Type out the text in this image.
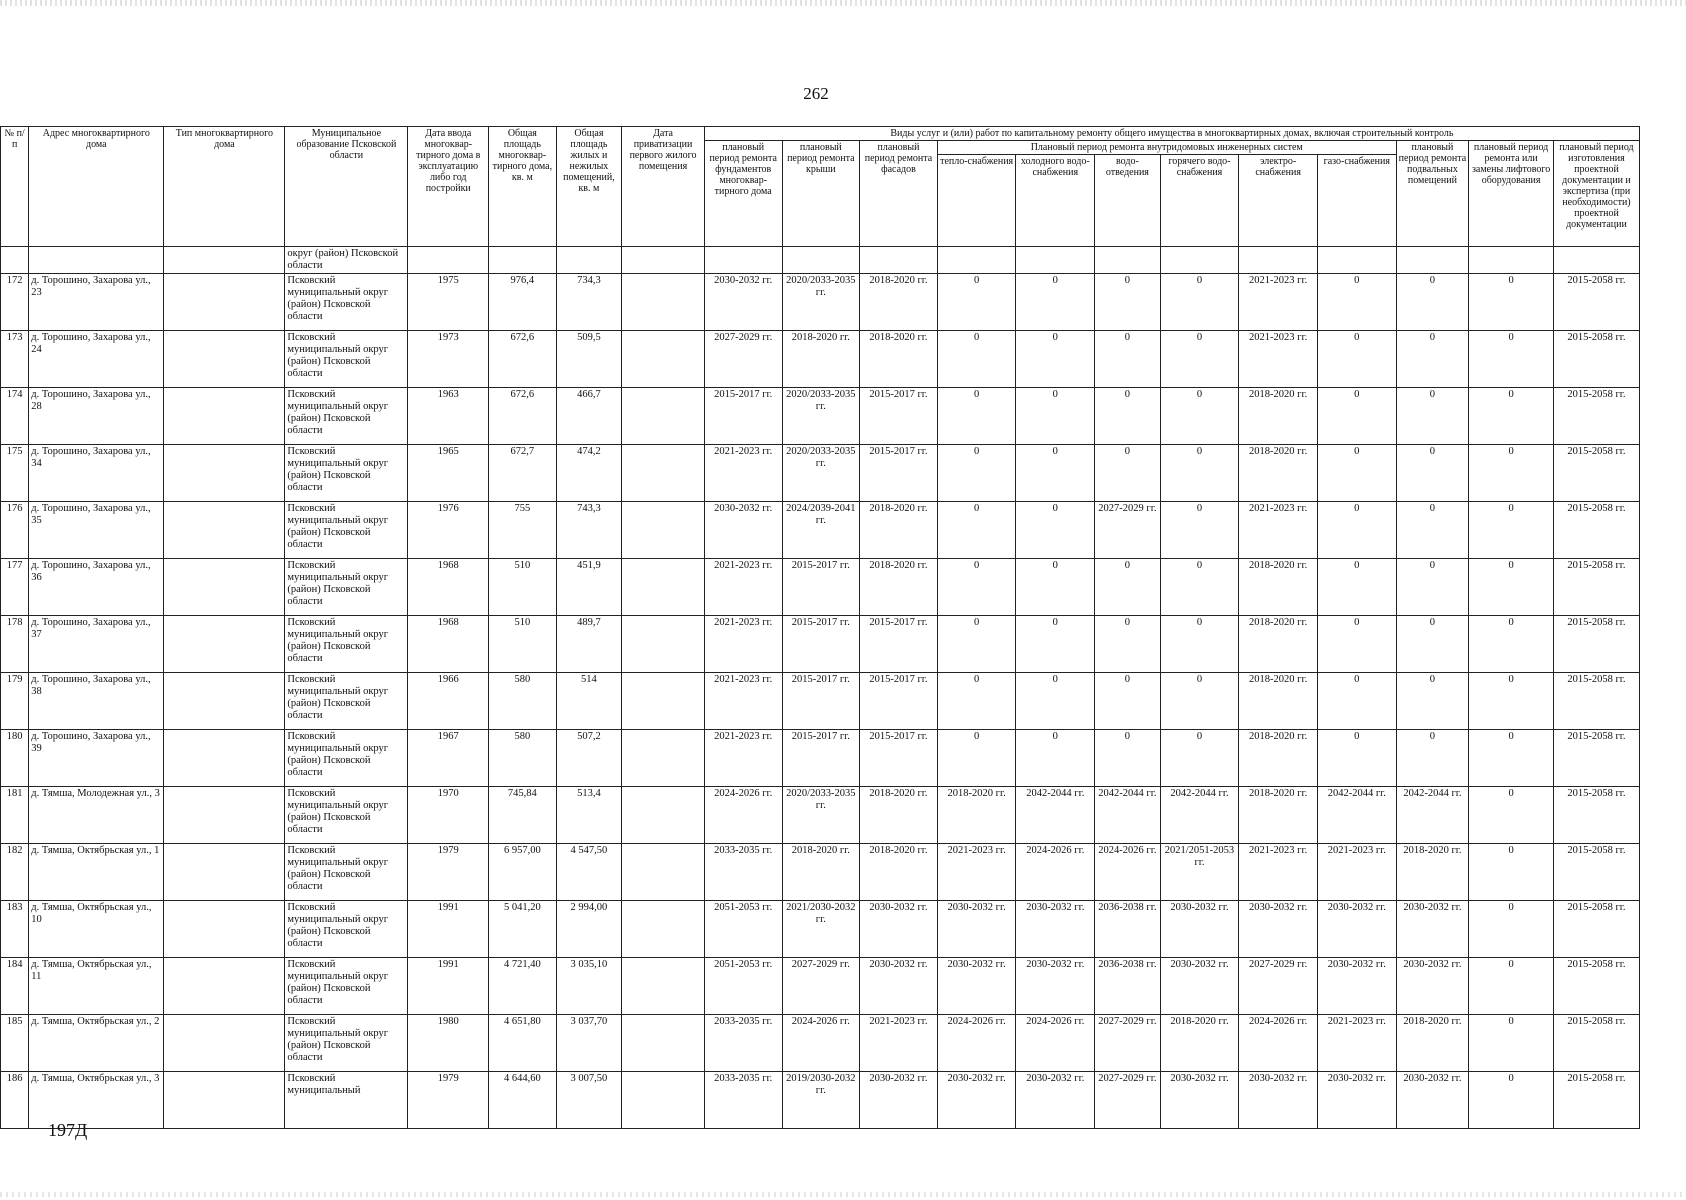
262
№ п/п	Адрес многоквартирного дома	Тип многоквартирного дома	Муниципальное образование Псковской области	Дата ввода многоквар-тирного дома в эксплуатацию либо год постройки	Общая площадь многоквар-тирного дома, кв. м	Общая площадь жилых и нежилых помещений, кв. м	Дата приватизации первого жилого помещения	Виды услуг и (или) работ по капитальному ремонту общего имущества в многоквартирных домах, включая строительный контроль											
								плановый период ремонта фундаментов многоквар-тирного дома	плановый период ремонта крыши	плановый период ремонта фасадов	Плановый период ремонта внутридомовых инженерных систем						плановый период ремонта подвальных помещений	плановый период ремонта или замены лифтового оборудования	плановый период изготовления проектной документации и экспертиза (при необходимости) проектной документации
											тепло-снабжения	холодного водо-снабжения	водо-отведения	горячего водо-снабжения	электро-снабжения	газо-снабжения			
			округ (район) Псковской области																
172	д. Торошино, Захарова ул., 23		Псковский муниципальный округ (район) Псковской области	1975	976,4	734,3		2030-2032 гг.	2020/2033-2035 гг.	2018-2020 гг.	0	0	0	0	2021-2023 гг.	0	0	0	2015-2058 гг.
173	д. Торошино, Захарова ул., 24		Псковский муниципальный округ (район) Псковской области	1973	672,6	509,5		2027-2029 гг.	2018-2020 гг.	2018-2020 гг.	0	0	0	0	2021-2023 гг.	0	0	0	2015-2058 гг.
174	д. Торошино, Захарова ул., 28		Псковский муниципальный округ (район) Псковской области	1963	672,6	466,7		2015-2017 гг.	2020/2033-2035 гг.	2015-2017 гг.	0	0	0	0	2018-2020 гг.	0	0	0	2015-2058 гг.
175	д. Торошино, Захарова ул., 34		Псковский муниципальный округ (район) Псковской области	1965	672,7	474,2		2021-2023 гг.	2020/2033-2035 гг.	2015-2017 гг.	0	0	0	0	2018-2020 гг.	0	0	0	2015-2058 гг.
176	д. Торошино, Захарова ул., 35		Псковский муниципальный округ (район) Псковской области	1976	755	743,3		2030-2032 гг.	2024/2039-2041 гг.	2018-2020 гг.	0	0	2027-2029 гг.	0	2021-2023 гг.	0	0	0	2015-2058 гг.
177	д. Торошино, Захарова ул., 36		Псковский муниципальный округ (район) Псковской области	1968	510	451,9		2021-2023 гг.	2015-2017 гг.	2018-2020 гг.	0	0	0	0	2018-2020 гг.	0	0	0	2015-2058 гг.
178	д. Торошино, Захарова ул., 37		Псковский муниципальный округ (район) Псковской области	1968	510	489,7		2021-2023 гг.	2015-2017 гг.	2015-2017 гг.	0	0	0	0	2018-2020 гг.	0	0	0	2015-2058 гг.
179	д. Торошино, Захарова ул., 38		Псковский муниципальный округ (район) Псковской области	1966	580	514		2021-2023 гг.	2015-2017 гг.	2015-2017 гг.	0	0	0	0	2018-2020 гг.	0	0	0	2015-2058 гг.
180	д. Торошино, Захарова ул., 39		Псковский муниципальный округ (район) Псковской области	1967	580	507,2		2021-2023 гг.	2015-2017 гг.	2015-2017 гг.	0	0	0	0	2018-2020 гг.	0	0	0	2015-2058 гг.
181	д. Тямша, Молодежная ул., 3		Псковский муниципальный округ (район) Псковской области	1970	745,84	513,4		2024-2026 гг.	2020/2033-2035 гг.	2018-2020 гг.	2018-2020 гг.	2042-2044 гг.	2042-2044 гг.	2042-2044 гг.	2018-2020 гг.	2042-2044 гг.	2042-2044 гг.	0	2015-2058 гг.
182	д. Тямша, Октябрьская ул., 1		Псковский муниципальный округ (район) Псковской области	1979	6 957,00	4 547,50		2033-2035 гг.	2018-2020 гг.	2018-2020 гг.	2021-2023 гг.	2024-2026 гг.	2024-2026 гг.	2021/2051-2053 гг.	2021-2023 гг.	2021-2023 гг.	2018-2020 гг.	0	2015-2058 гг.
183	д. Тямша, Октябрьская ул., 10		Псковский муниципальный округ (район) Псковской области	1991	5 041,20	2 994,00		2051-2053 гг.	2021/2030-2032 гг.	2030-2032 гг.	2030-2032 гг.	2030-2032 гг.	2036-2038 гг.	2030-2032 гг.	2030-2032 гг.	2030-2032 гг.	2030-2032 гг.	0	2015-2058 гг.
184	д. Тямша, Октябрьская ул., 11		Псковский муниципальный округ (район) Псковской области	1991	4 721,40	3 035,10		2051-2053 гг.	2027-2029 гг.	2030-2032 гг.	2030-2032 гг.	2030-2032 гг.	2036-2038 гг.	2030-2032 гг.	2027-2029 гг.	2030-2032 гг.	2030-2032 гг.	0	2015-2058 гг.
185	д. Тямша, Октябрьская ул., 2		Псковский муниципальный округ (район) Псковской области	1980	4 651,80	3 037,70		2033-2035 гг.	2024-2026 гг.	2021-2023 гг.	2024-2026 гг.	2024-2026 гг.	2027-2029 гг.	2018-2020 гг.	2024-2026 гг.	2021-2023 гг.	2018-2020 гг.	0	2015-2058 гг.
186	д. Тямша, Октябрьская ул., 3		Псковский муниципальный	1979	4 644,60	3 007,50		2033-2035 гг.	2019/2030-2032 гг.	2030-2032 гг.	2030-2032 гг.	2030-2032 гг.	2027-2029 гг.	2030-2032 гг.	2030-2032 гг.	2030-2032 гг.	2030-2032 гг.	0	2015-2058 гг.
197Д
